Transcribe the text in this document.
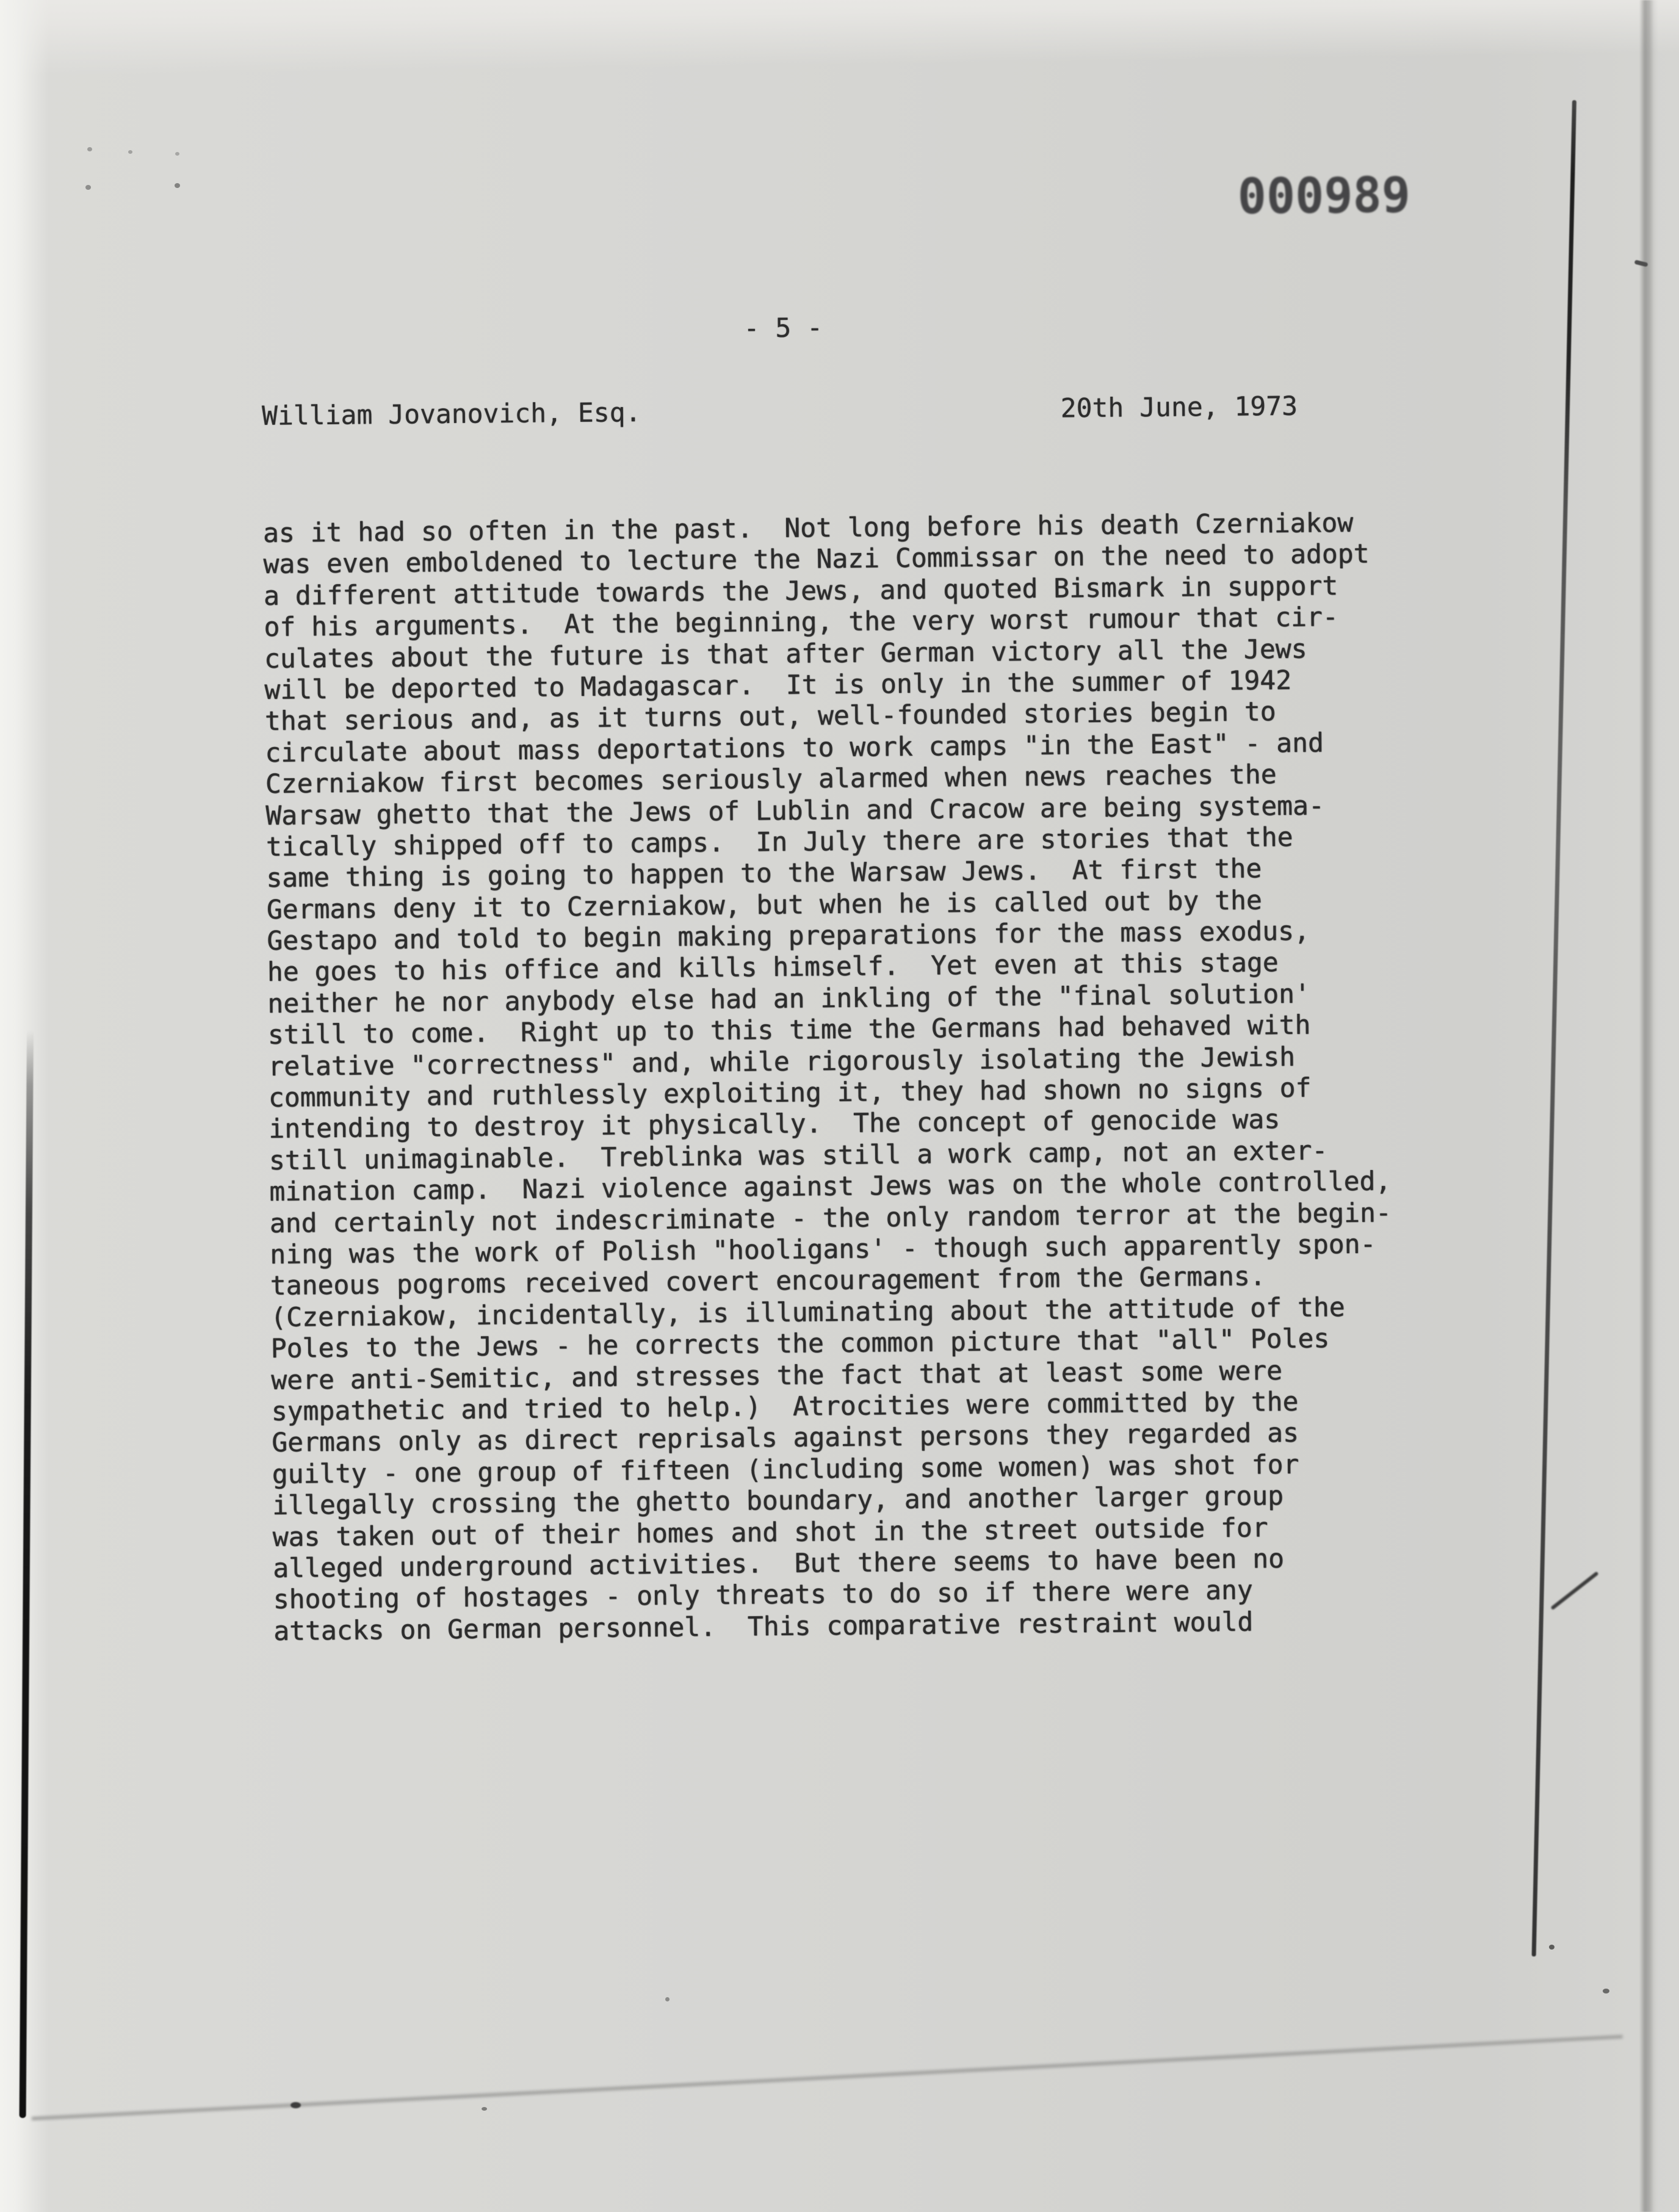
000989
- 5 -
William Jovanovich, Esq.	20th June, 1973
as it had so often in the past.  Not long before his death Czerniakow
was even emboldened to lecture the Nazi Commissar on the need to adopt
a different attitude towards the Jews, and quoted Bismark in support
of his arguments.  At the beginning, the very worst rumour that cir-
culates about the future is that after German victory all the Jews
will be deported to Madagascar.  It is only in the summer of 1942
that serious and, as it turns out, well-founded stories begin to
circulate about mass deportations to work camps "in the East" - and
Czerniakow first becomes seriously alarmed when news reaches the
Warsaw ghetto that the Jews of Lublin and Cracow are being systema-
tically shipped off to camps.  In July there are stories that the
same thing is going to happen to the Warsaw Jews.  At first the
Germans deny it to Czerniakow, but when he is called out by the
Gestapo and told to begin making preparations for the mass exodus,
he goes to his office and kills himself.  Yet even at this stage
neither he nor anybody else had an inkling of the "final solution'
still to come.  Right up to this time the Germans had behaved with
relative "correctness" and, while rigorously isolating the Jewish
community and ruthlessly exploiting it, they had shown no signs of
intending to destroy it physically.  The concept of genocide was
still unimaginable.  Treblinka was still a work camp, not an exter-
mination camp.  Nazi violence against Jews was on the whole controlled,
and certainly not indescriminate - the only random terror at the begin-
ning was the work of Polish "hooligans' - though such apparently spon-
taneous pogroms received covert encouragement from the Germans.
(Czerniakow, incidentally, is illuminating about the attitude of the
Poles to the Jews - he corrects the common picture that "all" Poles
were anti-Semitic, and stresses the fact that at least some were
sympathetic and tried to help.)  Atrocities were committed by the
Germans only as direct reprisals against persons they regarded as
guilty - one group of fifteen (including some women) was shot for
illegally crossing the ghetto boundary, and another larger group
was taken out of their homes and shot in the street outside for
alleged underground activities.  But there seems to have been no
shooting of hostages - only threats to do so if there were any
attacks on German personnel.  This comparative restraint would
